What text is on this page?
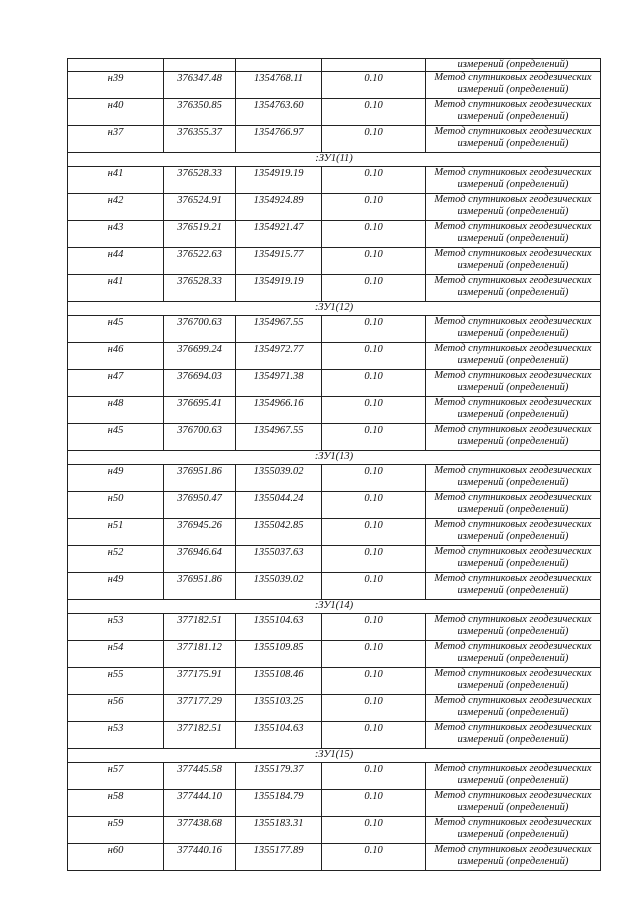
				измерений (определений)
н39	376347.48	1354768.11	0.10	Метод спутниковых геодезических
измерений (определений)

н40	376350.85	1354763.60	0.10	Метод спутниковых геодезических
измерений (определений)

н37	376355.37	1354766.97	0.10	Метод спутниковых геодезических
измерений (определений)

:ЗУ1(11)				
н41	376528.33	1354919.19	0.10	Метод спутниковых геодезических
измерений (определений)

н42	376524.91	1354924.89	0.10	Метод спутниковых геодезических
измерений (определений)

н43	376519.21	1354921.47	0.10	Метод спутниковых геодезических
измерений (определений)

н44	376522.63	1354915.77	0.10	Метод спутниковых геодезических
измерений (определений)

н41	376528.33	1354919.19	0.10	Метод спутниковых геодезических
измерений (определений)

:ЗУ1(12)				
н45	376700.63	1354967.55	0.10	Метод спутниковых геодезических
измерений (определений)

н46	376699.24	1354972.77	0.10	Метод спутниковых геодезических
измерений (определений)

н47	376694.03	1354971.38	0.10	Метод спутниковых геодезических
измерений (определений)

н48	376695.41	1354966.16	0.10	Метод спутниковых геодезических
измерений (определений)

н45	376700.63	1354967.55	0.10	Метод спутниковых геодезических
измерений (определений)

:ЗУ1(13)				
н49	376951.86	1355039.02	0.10	Метод спутниковых геодезических
измерений (определений)

н50	376950.47	1355044.24	0.10	Метод спутниковых геодезических
измерений (определений)

н51	376945.26	1355042.85	0.10	Метод спутниковых геодезических
измерений (определений)

н52	376946.64	1355037.63	0.10	Метод спутниковых геодезических
измерений (определений)

н49	376951.86	1355039.02	0.10	Метод спутниковых геодезических
измерений (определений)

:ЗУ1(14)				
н53	377182.51	1355104.63	0.10	Метод спутниковых геодезических
измерений (определений)

н54	377181.12	1355109.85	0.10	Метод спутниковых геодезических
измерений (определений)

н55	377175.91	1355108.46	0.10	Метод спутниковых геодезических
измерений (определений)

н56	377177.29	1355103.25	0.10	Метод спутниковых геодезических
измерений (определений)

н53	377182.51	1355104.63	0.10	Метод спутниковых геодезических
измерений (определений)

:ЗУ1(15)				
н57	377445.58	1355179.37	0.10	Метод спутниковых геодезических
измерений (определений)

н58	377444.10	1355184.79	0.10	Метод спутниковых геодезических
измерений (определений)

н59	377438.68	1355183.31	0.10	Метод спутниковых геодезических
измерений (определений)

н60	377440.16	1355177.89	0.10	Метод спутниковых геодезических
измерений (определений)
